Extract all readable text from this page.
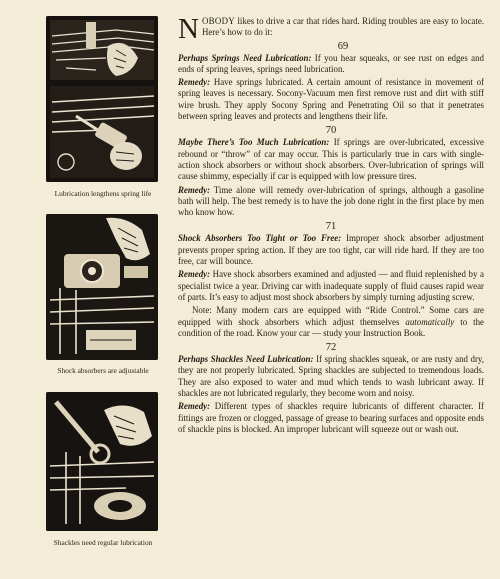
Lubrication lengthens spring life
Shock absorbers are adjustable
Shackles need regular lubrication

NOBODY likes to drive a car that rides hard. Riding troubles are easy to locate. Here’s how to do it:

69

Perhaps Springs Need Lubrication: If you hear squeaks, or see rust on edges and ends of spring leaves, springs need lubrication.

Remedy: Have springs lubricated. A certain amount of resistance in movement of spring leaves is necessary. Socony-Vacuum men first remove rust and dirt with stiff wire brush. They apply Socony Spring and Penetrating Oil so that it penetrates between spring leaves and protects and lengthens their life.

70

Maybe There’s Too Much Lubrication: If springs are over-lubricated, excessive rebound or “throw” of car may occur. This is particularly true in cars with single-action shock absorbers or without shock absorbers. Over-lubrication of springs will cause shimmy, especially if car is equipped with low pressure tires.

Remedy: Time alone will remedy over-lubrication of springs, although a gasoline bath will help. The best remedy is to have the job done right in the first place by men who know how.

71

Shock Absorbers Too Tight or Too Free: Improper shock absorber adjustment prevents proper spring action. If they are too tight, car will ride hard. If they are too free, car will bounce.

Remedy: Have shock absorbers examined and adjusted — and fluid replenished by a specialist twice a year. Driving car with inadequate supply of fluid causes rapid wear of parts. It’s easy to adjust most shock absorbers by simply turning adjusting screw.

Note: Many modern cars are equipped with “Ride Control.” Some cars are equipped with shock absorbers which adjust themselves automatically to the condition of the road. Know your car — study your Instruction Book.

72

Perhaps Shackles Need Lubrication: If spring shackles squeak, or are rusty and dry, they are not properly lubricated. Spring shackles are subjected to tremendous loads. They are also exposed to water and mud which tends to wash lubricant away. If shackles are not lubricated regularly, they become worn and noisy.

Remedy: Different types of shackles require lubricants of different character. If fittings are frozen or clogged, passage of grease to bearing surfaces and opposite ends of shackle pins is blocked. An improper lubricant will squeeze out or wash out.
